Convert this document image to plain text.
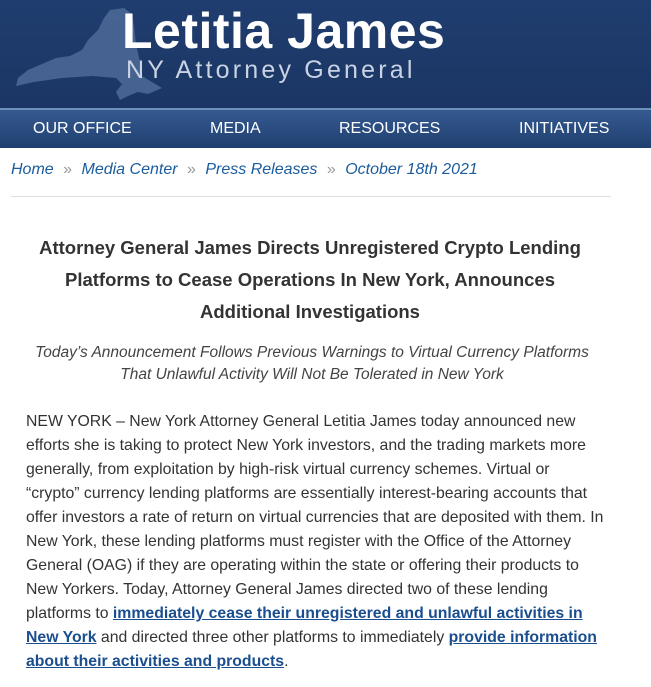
Letitia James
NY Attorney General
OUR OFFICE	MEDIA	RESOURCES	INITIATIVES
Home » Media Center » Press Releases » October 18th 2021
Attorney General James Directs Unregistered Crypto Lending Platforms to Cease Operations In New York, Announces Additional Investigations

Today’s Announcement Follows Previous Warnings to Virtual Currency Platforms That Unlawful Activity Will Not Be Tolerated in New York

NEW YORK – New York Attorney General Letitia James today announced new efforts she is taking to protect New York investors, and the trading markets more generally, from exploitation by high-risk virtual currency schemes. Virtual or “crypto” currency lending platforms are essentially interest-bearing accounts that offer investors a rate of return on virtual currencies that are deposited with them. In New York, these lending platforms must register with the Office of the Attorney General (OAG) if they are operating within the state or offering their products to New Yorkers. Today, Attorney General James directed two of these lending platforms to immediately cease their unregistered and unlawful activities in New York and directed three other platforms to immediately provide information about their activities and products.
